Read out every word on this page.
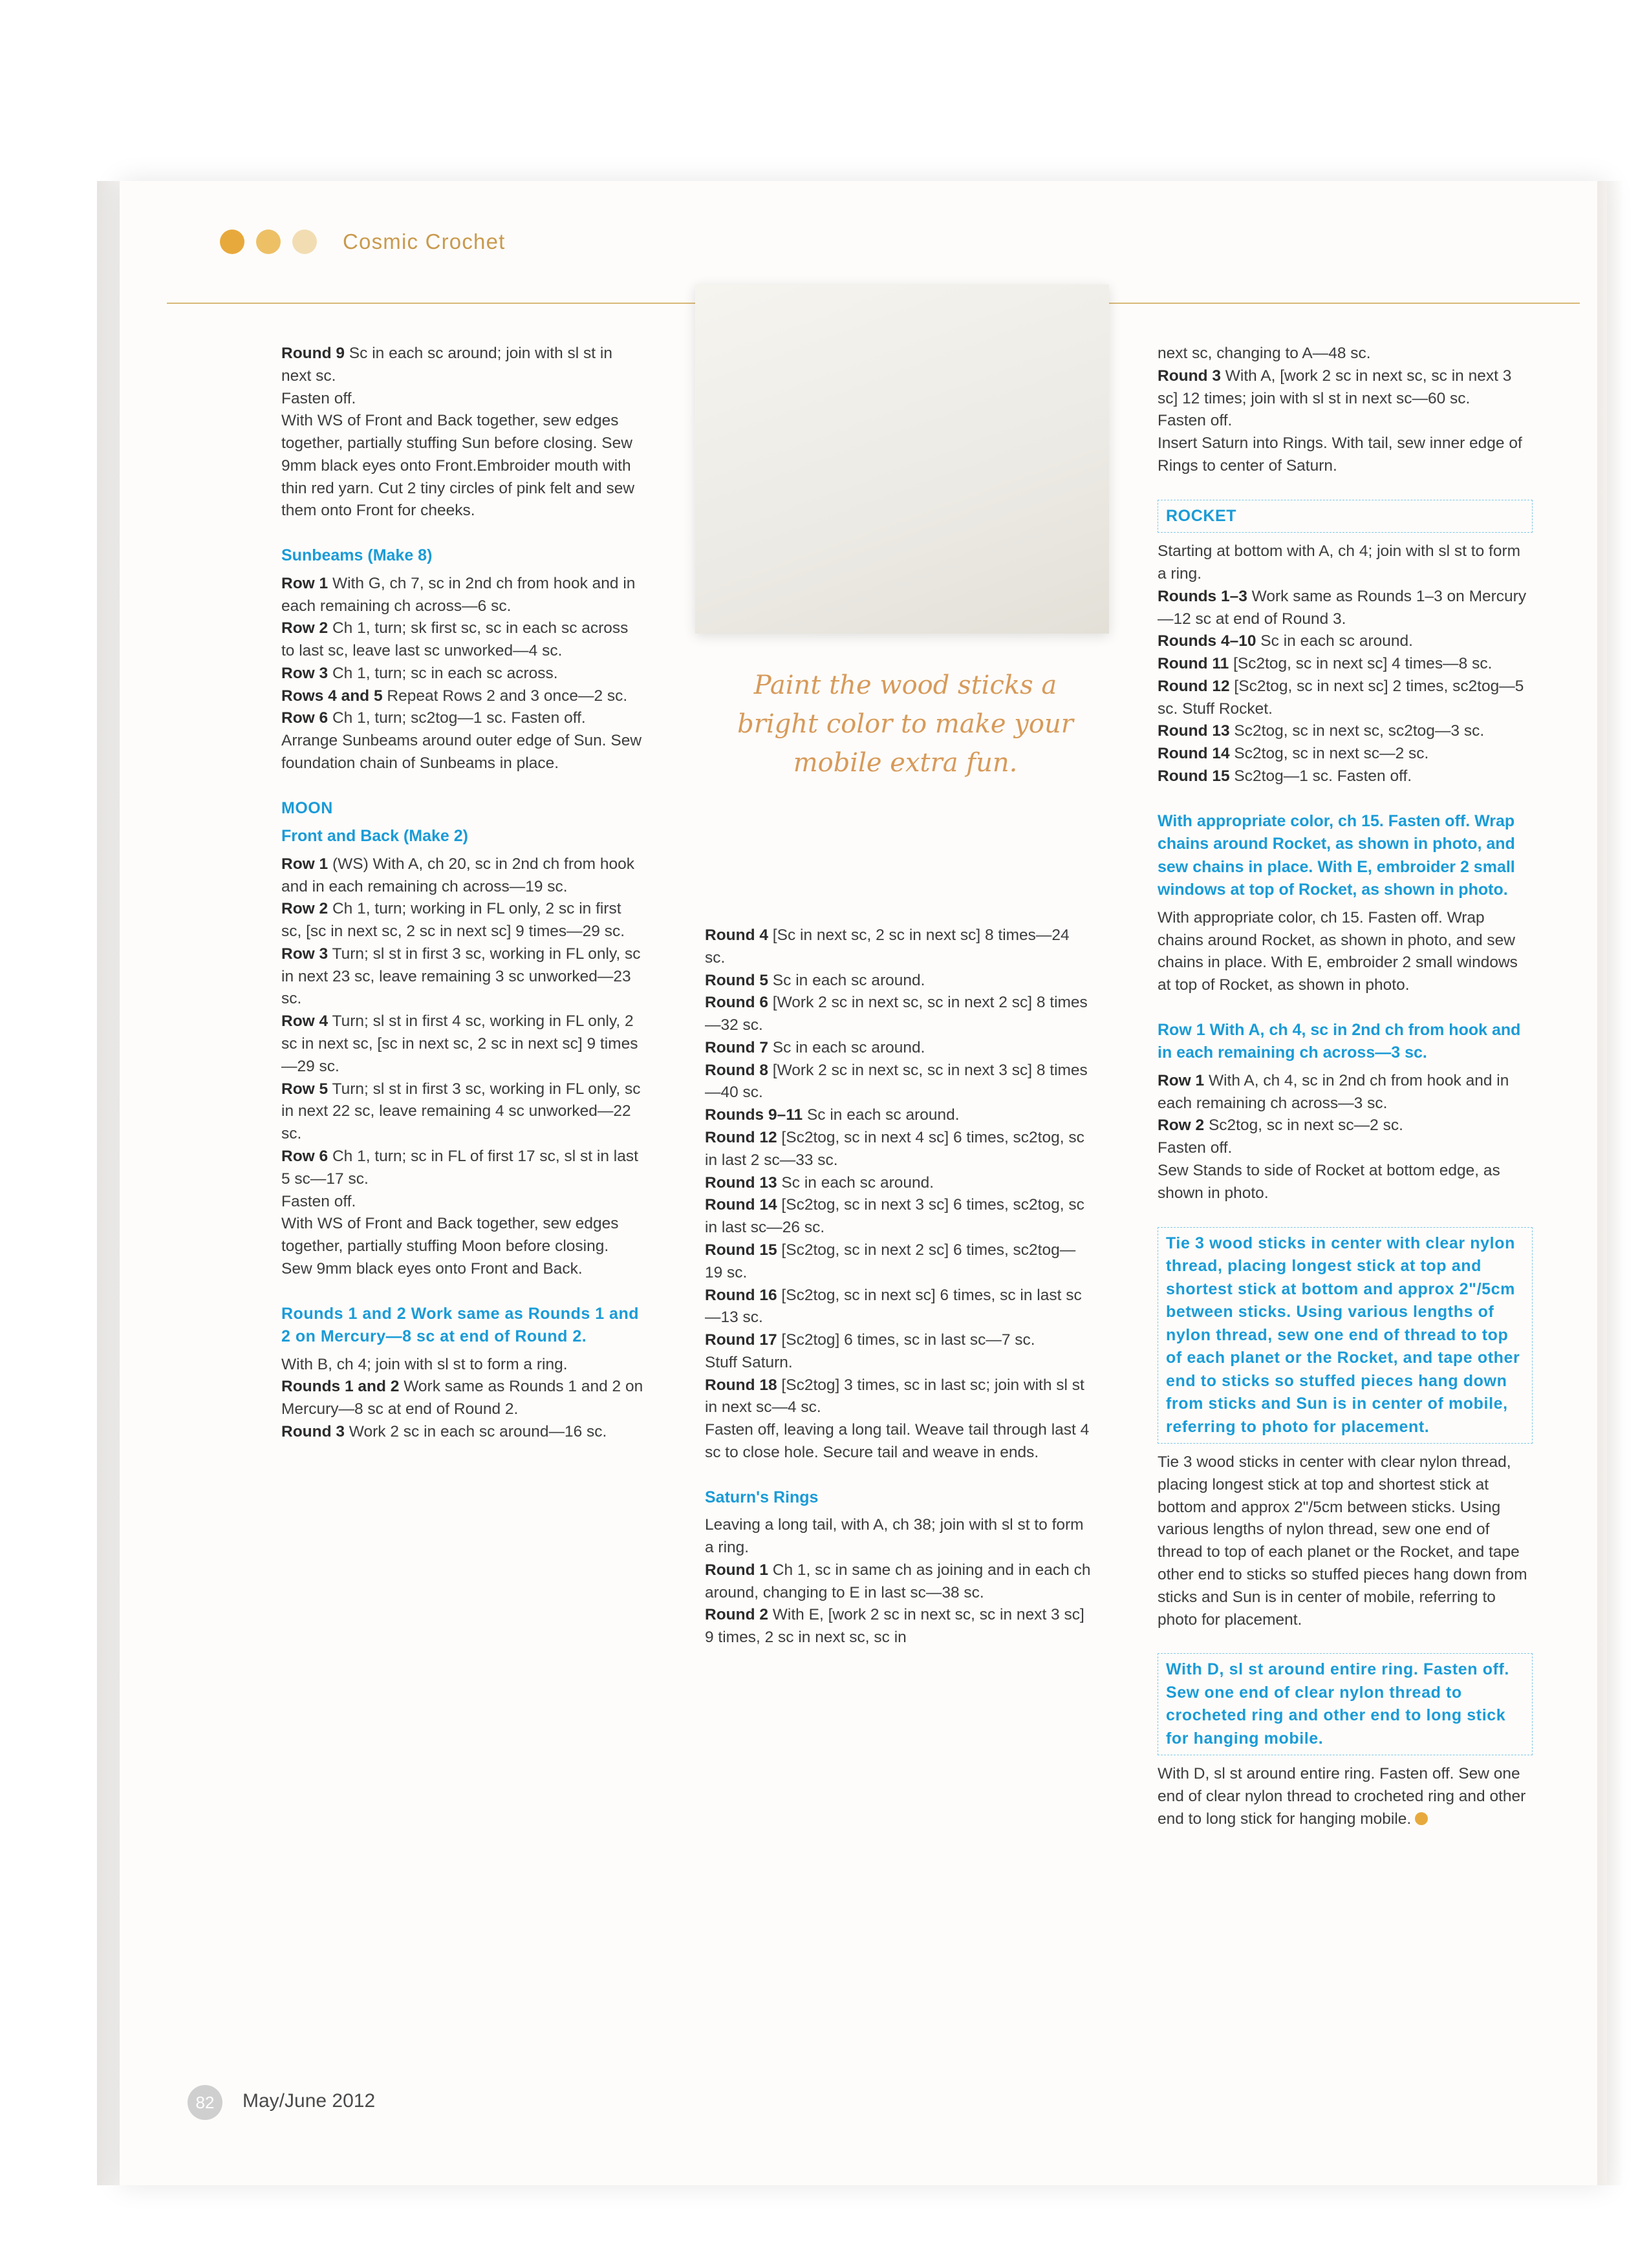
Cosmic Crochet
Paint the wood sticks a bright color to make your mobile extra fun.

Round 9 Sc in each sc around; join with sl st in next sc.

Fasten off.

With WS of Front and Back together, sew edges together, partially stuffing Sun before closing. Sew 9mm black eyes onto Front.Embroider mouth with thin red yarn. Cut 2 tiny circles of pink felt and sew them onto Front for cheeks.

Sunbeams (Make 8)

Row 1 With G, ch 7, sc in 2nd ch from hook and in each remaining ch across—6 sc.

Row 2 Ch 1, turn; sk first sc, sc in each sc across to last sc, leave last sc unworked—4 sc.

Row 3 Ch 1, turn; sc in each sc across.

Rows 4 and 5 Repeat Rows 2 and 3 once—2 sc.

Row 6 Ch 1, turn; sc2tog—1 sc. Fasten off.

Arrange Sunbeams around outer edge of Sun. Sew foundation chain of Sunbeams in place.

MOON
Front and Back (Make 2)

Row 1 (WS) With A, ch 20, sc in 2nd ch from hook and in each remaining ch across—19 sc.

Row 2 Ch 1, turn; working in FL only, 2 sc in first sc, [sc in next sc, 2 sc in next sc] 9 times—29 sc.

Row 3 Turn; sl st in first 3 sc, working in FL only, sc in next 23 sc, leave remaining 3 sc unworked—23 sc.

Row 4 Turn; sl st in first 4 sc, working in FL only, 2 sc in next sc, [sc in next sc, 2 sc in next sc] 9 times—29 sc.

Row 5 Turn; sl st in first 3 sc, working in FL only, sc in next 22 sc, leave remaining 4 sc unworked—22 sc.

Row 6 Ch 1, turn; sc in FL of first 17 sc, sl st in last 5 sc—17 sc.

Fasten off.

With WS of Front and Back together, sew edges together, partially stuffing Moon before closing. Sew 9mm black eyes onto Front and Back.

Rounds 1 and 2 Work same as Rounds 1 and 2 on Mercury—8 sc at end of Round 2.

With B, ch 4; join with sl st to form a ring.

Rounds 1 and 2 Work same as Rounds 1 and 2 on Mercury—8 sc at end of Round 2.

Round 3 Work 2 sc in each sc around—16 sc.

Round 4 [Sc in next sc, 2 sc in next sc] 8 times—24 sc.

Round 5 Sc in each sc around.

Round 6 [Work 2 sc in next sc, sc in next 2 sc] 8 times—32 sc.

Round 7 Sc in each sc around.

Round 8 [Work 2 sc in next sc, sc in next 3 sc] 8 times—40 sc.

Rounds 9–11 Sc in each sc around.

Round 12 [Sc2tog, sc in next 4 sc] 6 times, sc2tog, sc in last 2 sc—33 sc.

Round 13 Sc in each sc around.

Round 14 [Sc2tog, sc in next 3 sc] 6 times, sc2tog, sc in last sc—26 sc.

Round 15 [Sc2tog, sc in next 2 sc] 6 times, sc2tog—19 sc.

Round 16 [Sc2tog, sc in next sc] 6 times, sc in last sc—13 sc.

Round 17 [Sc2tog] 6 times, sc in last sc—7 sc.

Stuff Saturn.

Round 18 [Sc2tog] 3 times, sc in last sc; join with sl st in next sc—4 sc.

Fasten off, leaving a long tail. Weave tail through last 4 sc to close hole. Secure tail and weave in ends.

Saturn's Rings

Leaving a long tail, with A, ch 38; join with sl st to form a ring.

Round 1 Ch 1, sc in same ch as joining and in each ch around, changing to E in last sc—38 sc.

Round 2 With E, [work 2 sc in next sc, sc in next 3 sc] 9 times, 2 sc in next sc, sc in

next sc, changing to A—48 sc.

Round 3 With A, [work 2 sc in next sc, sc in next 3 sc] 12 times; join with sl st in next sc—60 sc.

Fasten off.

Insert Saturn into Rings. With tail, sew inner edge of Rings to center of Saturn.

ROCKET

Starting at bottom with A, ch 4; join with sl st to form a ring.

Rounds 1–3 Work same as Rounds 1–3 on Mercury—12 sc at end of Round 3.

Rounds 4–10 Sc in each sc around.

Round 11 [Sc2tog, sc in next sc] 4 times—8 sc.

Round 12 [Sc2tog, sc in next sc] 2 times, sc2tog—5 sc. Stuff Rocket.

Round 13 Sc2tog, sc in next sc, sc2tog—3 sc.

Round 14 Sc2tog, sc in next sc—2 sc.

Round 15 Sc2tog—1 sc. Fasten off.

With appropriate color, ch 15. Fasten off. Wrap chains around Rocket, as shown in photo, and sew chains in place. With E, embroider 2 small windows at top of Rocket, as shown in photo.

With appropriate color, ch 15. Fasten off. Wrap chains around Rocket, as shown in photo, and sew chains in place. With E, embroider 2 small windows at top of Rocket, as shown in photo.

Row 1 With A, ch 4, sc in 2nd ch from hook and in each remaining ch across—3 sc.

Row 1 With A, ch 4, sc in 2nd ch from hook and in each remaining ch across—3 sc.

Row 2 Sc2tog, sc in next sc—2 sc.

Fasten off.

Sew Stands to side of Rocket at bottom edge, as shown in photo.

Tie 3 wood sticks in center with clear nylon thread, placing longest stick at top and shortest stick at bottom and approx 2"/5cm between sticks. Using various lengths of nylon thread, sew one end of thread to top of each planet or the Rocket, and tape other end to sticks so stuffed pieces hang down from sticks and Sun is in center of mobile, referring to photo for placement.

Tie 3 wood sticks in center with clear nylon thread, placing longest stick at top and shortest stick at bottom and approx 2"/5cm between sticks. Using various lengths of nylon thread, sew one end of thread to top of each planet or the Rocket, and tape other end to sticks so stuffed pieces hang down from sticks and Sun is in center of mobile, referring to photo for placement.

With D, sl st around entire ring. Fasten off. Sew one end of clear nylon thread to crocheted ring and other end to long stick for hanging mobile.

With D, sl st around entire ring. Fasten off. Sew one end of clear nylon thread to crocheted ring and other end to long stick for hanging mobile.

82	May/June 2012
